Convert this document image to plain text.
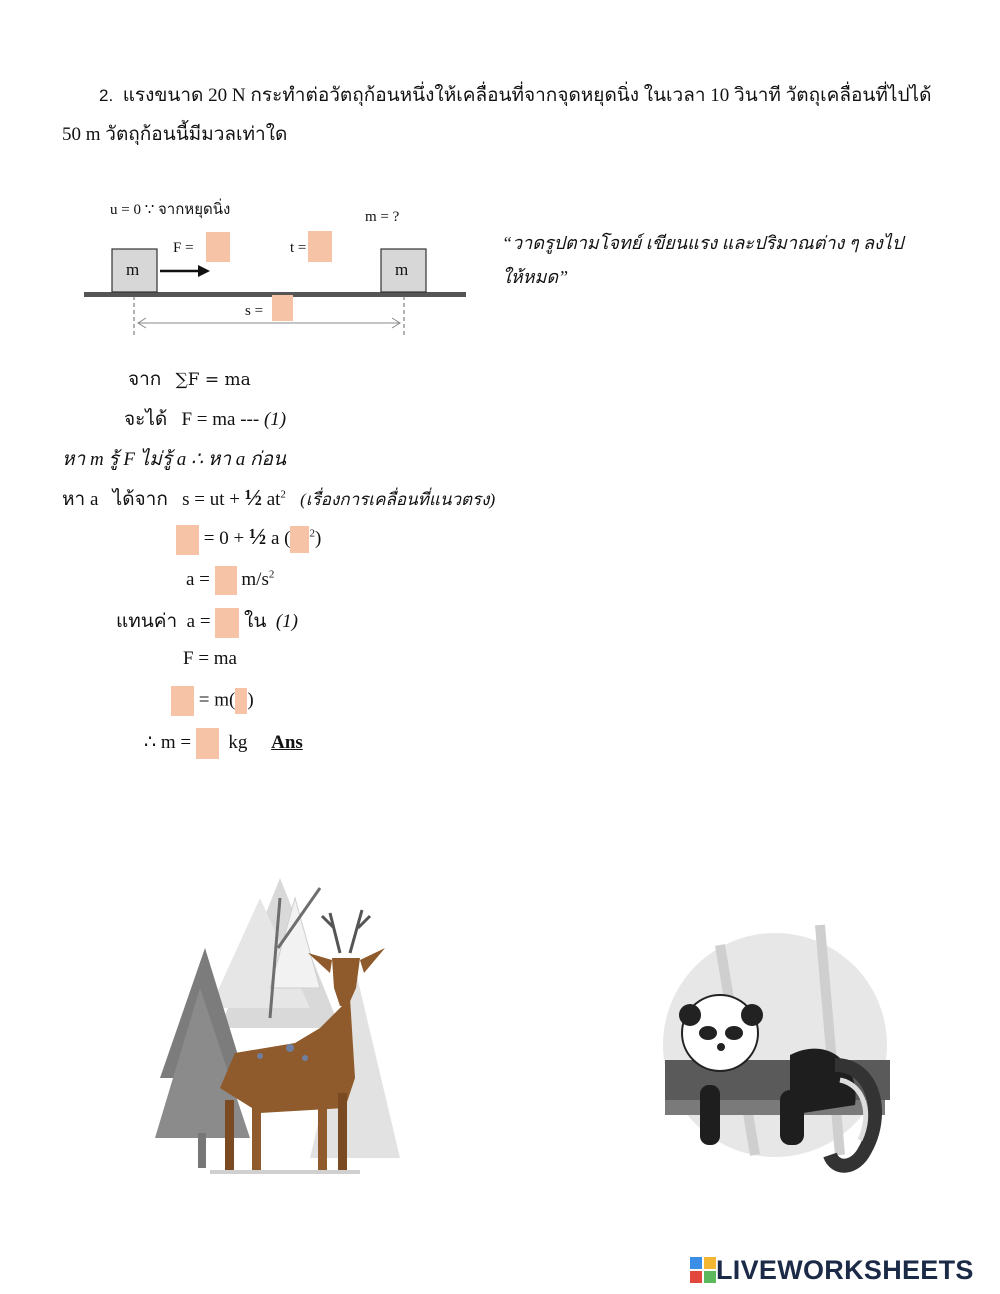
2. แรงขนาด 20 N กระทำต่อวัตถุก้อนหนึ่งให้เคลื่อนที่จากจุดหยุดนิ่ง ในเวลา 10 วินาที วัตถุเคลื่อนที่ไปได้
50 m วัตถุก้อนนี้มีมวลเท่าใด
u = 0 ∵ จากหยุดนิ่ง	m = ?
F =	t =
m	m
s =
“วาดรูปตามโจทย์ เขียนแรง และปริมาณต่าง ๆ ลงไป
ให้หมด”
จาก ∑F = ma
จะได้ F = ma --- (1)
หา m รู้ F ไม่รู้ a ∴ หา a ก่อน
หา a ได้จาก s = ut + ½ $at^2$ (เรื่องการเคลื่อนที่แนวตรง)
= 0 + ½ a ( $^2$)
$a = m/s^2$
แทนค่า a = ใน (1)
F = ma
= m( )
∴ m = kg Ans
LIVEWORKSHEETS
